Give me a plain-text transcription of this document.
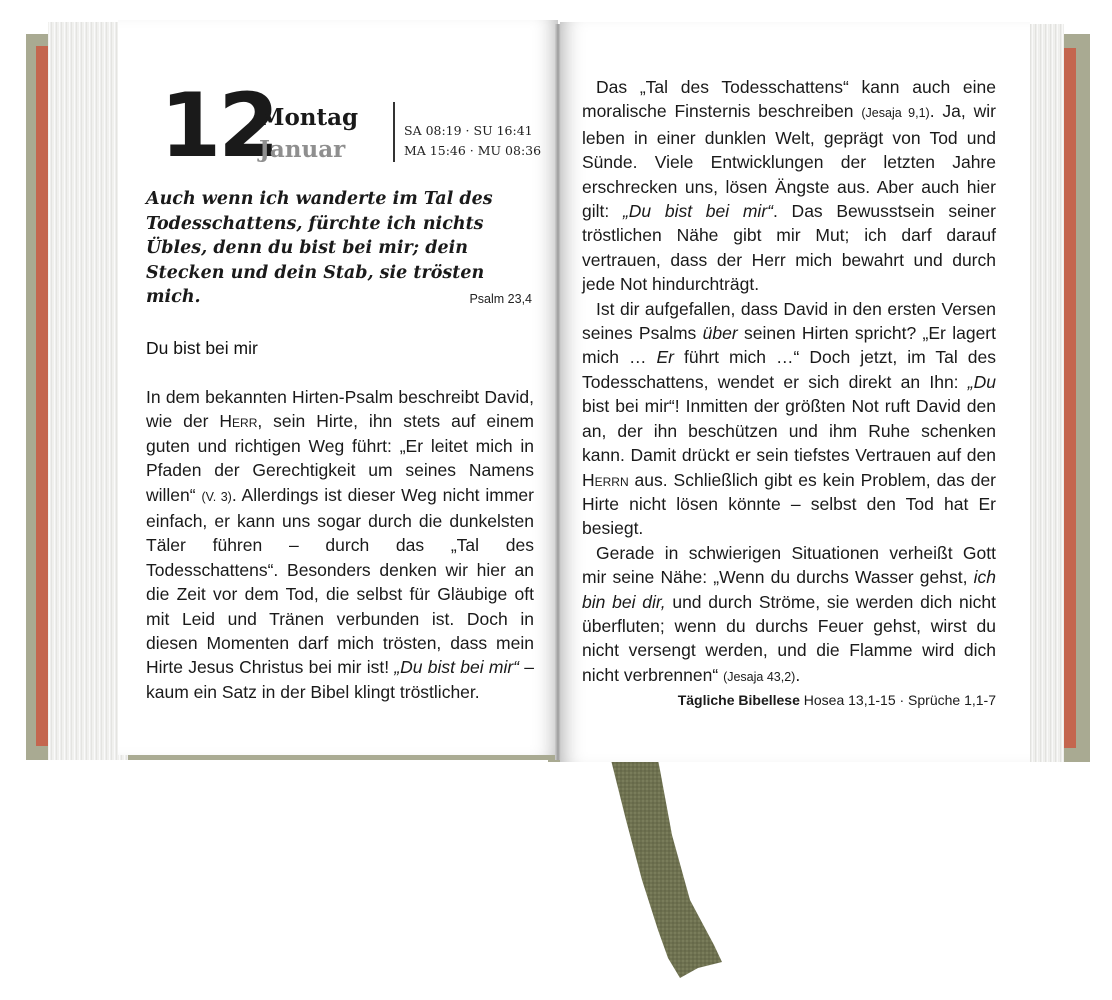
12
Montag
Januar
SA 08:19 · SU 16:41
MA 15:46 · MU 08:36
Auch wenn ich wanderte im Tal des Todesschattens, fürchte ich nichts Übles, denn du bist bei mir; dein Stecken und dein Stab, sie trösten mich.	Psalm 23,4
Du bist bei mir

In dem bekannten Hirten-Psalm beschreibt David, wie der Herr, sein Hirte, ihn stets auf einem guten und richtigen Weg führt: „Er leitet mich in Pfaden der Gerechtigkeit um seines Namens willen“ (V. 3). Allerdings ist dieser Weg nicht immer einfach, er kann uns sogar durch die dunkelsten Täler führen – durch das „Tal des Todesschattens“. Besonders denken wir hier an die Zeit vor dem Tod, die selbst für Gläubige oft mit Leid und Tränen verbunden ist. Doch in diesen Momenten darf mich trösten, dass mein Hirte Jesus Christus bei mir ist! „Du bist bei mir“ – kaum ein Satz in der Bibel klingt tröstlicher.

Das „Tal des Todesschattens“ kann auch eine moralische Finsternis beschreiben (Jesaja 9,1). Ja, wir leben in einer dunklen Welt, geprägt von Tod und Sünde. Viele Entwicklungen der letzten Jahre erschrecken uns, lösen Ängste aus. Aber auch hier gilt: „Du bist bei mir“. Das Bewusstsein seiner tröstlichen Nähe gibt mir Mut; ich darf darauf vertrauen, dass der Herr mich bewahrt und durch jede Not hindurchträgt.

Ist dir aufgefallen, dass David in den ersten Versen seines Psalms über seinen Hirten spricht? „Er lagert mich … Er führt mich …“ Doch jetzt, im Tal des Todesschattens, wendet er sich direkt an Ihn: „Du bist bei mir“! Inmitten der größten Not ruft David den an, der ihn beschützen und ihm Ruhe schenken kann. Damit drückt er sein tiefstes Vertrauen auf den Herrn aus. Schließlich gibt es kein Problem, das der Hirte nicht lösen könnte – selbst den Tod hat Er besiegt.

Gerade in schwierigen Situationen verheißt Gott mir seine Nähe: „Wenn du durchs Wasser gehst, ich bin bei dir, und durch Ströme, sie werden dich nicht überfluten; wenn du durchs Feuer gehst, wirst du nicht versengt werden, und die Flamme wird dich nicht verbrennen“ (Jesaja 43,2).

Tägliche Bibellese Hosea 13,1-15 · Sprüche 1,1-7
